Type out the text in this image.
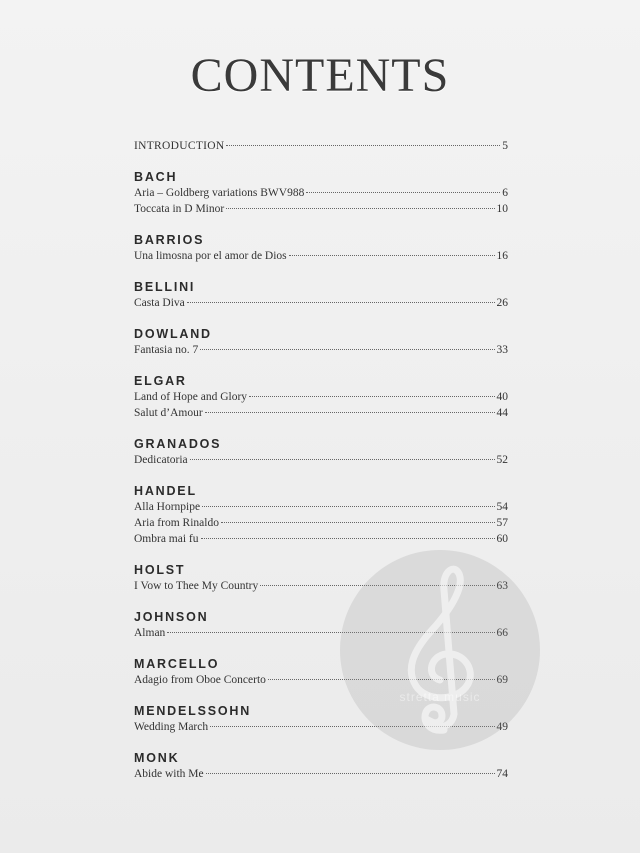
CONTENTS
INTRODUCTION	5
BACH
Aria – Goldberg variations BWV988	6
Toccata in D Minor	10
BARRIOS
Una limosna por el amor de Dios	16
BELLINI
Casta Diva	26
DOWLAND
Fantasia no. 7	33
ELGAR
Land of Hope and Glory	40
Salut d’Amour	44
GRANADOS
Dedicatoria	52
HANDEL
Alla Hornpipe	54
Aria from Rinaldo	57
Ombra mai fu	60
HOLST
I Vow to Thee My Country	63
JOHNSON
Alman	66
MARCELLO
Adagio from Oboe Concerto	69
MENDELSSOHN
Wedding March	49
MONK
Abide with Me	74
stretta music
